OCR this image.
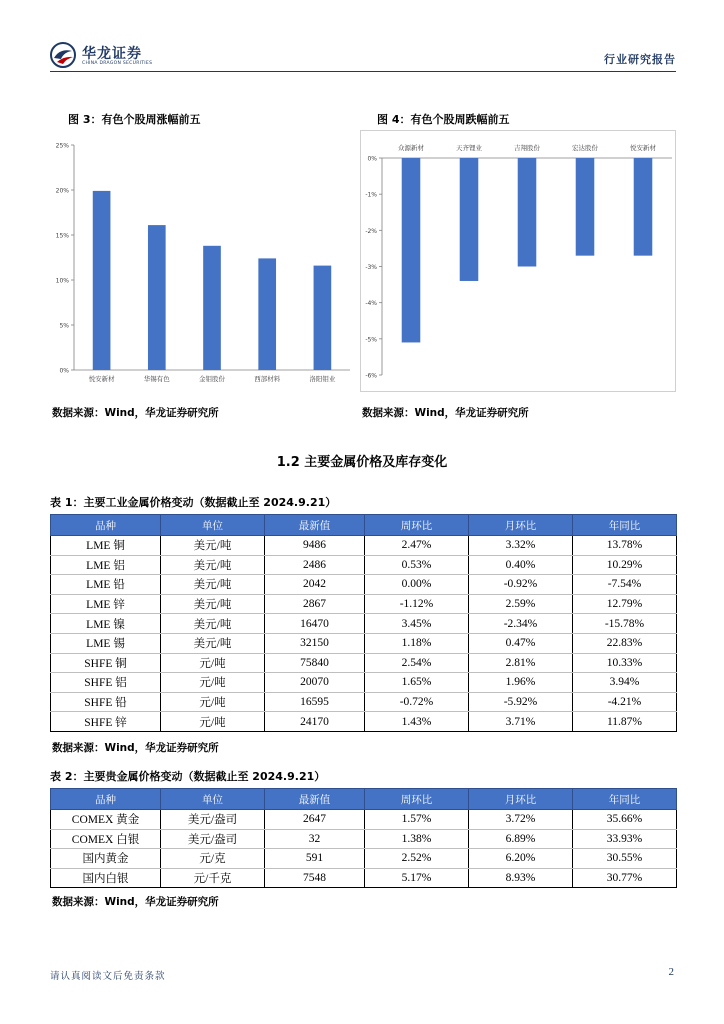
华龙证券
CHINA DRAGON SECURITIES	行业研究报告
图 3：有色个股周涨幅前五
0%
5%
10%
15%
20%
25%
悦安新材	华锡有色	金钼股份	西部材料	洛阳钼业
数据来源：Wind，华龙证券研究所
图 4：有色个股周跌幅前五
0%
-1%
-2%
-3%
-4%
-5%
-6%
众源新材	天齐锂业	吉翔股份	宏达股份	悦安新材
数据来源：Wind，华龙证券研究所
1.2 主要金属价格及库存变化
表 1：主要工业金属价格变动（数据截止至 2024.9.21）
品种	单位	最新值	周环比	月环比	年同比
LME 铜	美元/吨	9486	2.47%	3.32%	13.78%
LME 铝	美元/吨	2486	0.53%	0.40%	10.29%
LME 铅	美元/吨	2042	0.00%	-0.92%	-7.54%
LME 锌	美元/吨	2867	-1.12%	2.59%	12.79%
LME 镍	美元/吨	16470	3.45%	-2.34%	-15.78%
LME 锡	美元/吨	32150	1.18%	0.47%	22.83%
SHFE 铜	元/吨	75840	2.54%	2.81%	10.33%
SHFE 铝	元/吨	20070	1.65%	1.96%	3.94%
SHFE 铅	元/吨	16595	-0.72%	-5.92%	-4.21%
SHFE 锌	元/吨	24170	1.43%	3.71%	11.87%
数据来源：Wind，华龙证券研究所
表 2：主要贵金属价格变动（数据截止至 2024.9.21）
品种	单位	最新值	周环比	月环比	年同比
COMEX 黄金	美元/盎司	2647	1.57%	3.72%	35.66%
COMEX 白银	美元/盎司	32	1.38%	6.89%	33.93%
国内黄金	元/克	591	2.52%	6.20%	30.55%
国内白银	元/千克	7548	5.17%	8.93%	30.77%
数据来源：Wind，华龙证券研究所
请认真阅读文后免责条款	2
